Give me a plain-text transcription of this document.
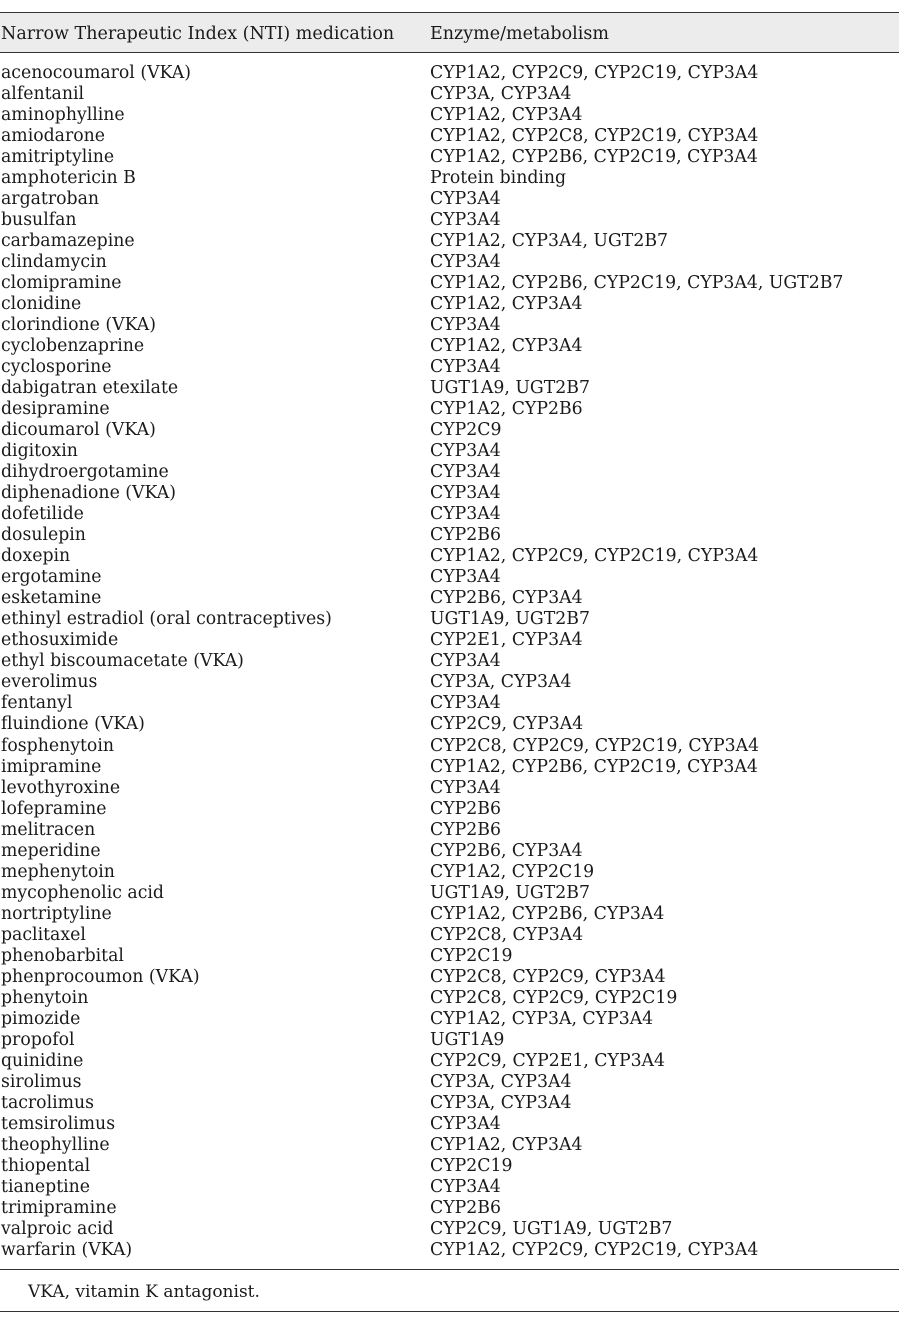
Narrow Therapeutic Index (NTI) medication Enzyme/metabolism
acenocoumarol (VKA)	CYP1A2, CYP2C9, CYP2C19, CYP3A4
alfentanil	CYP3A, CYP3A4
aminophylline	CYP1A2, CYP3A4
amiodarone	CYP1A2, CYP2C8, CYP2C19, CYP3A4
amitriptyline	CYP1A2, CYP2B6, CYP2C19, CYP3A4
amphotericin B	Protein binding
argatroban	CYP3A4
busulfan	CYP3A4
carbamazepine	CYP1A2, CYP3A4, UGT2B7
clindamycin	CYP3A4
clomipramine	CYP1A2, CYP2B6, CYP2C19, CYP3A4, UGT2B7
clonidine	CYP1A2, CYP3A4
clorindione (VKA)	CYP3A4
cyclobenzaprine	CYP1A2, CYP3A4
cyclosporine	CYP3A4
dabigatran etexilate	UGT1A9, UGT2B7
desipramine	CYP1A2, CYP2B6
dicoumarol (VKA)	CYP2C9
digitoxin	CYP3A4
dihydroergotamine	CYP3A4
diphenadione (VKA)	CYP3A4
dofetilide	CYP3A4
dosulepin	CYP2B6
doxepin	CYP1A2, CYP2C9, CYP2C19, CYP3A4
ergotamine	CYP3A4
esketamine	CYP2B6, CYP3A4
ethinyl estradiol (oral contraceptives)	UGT1A9, UGT2B7
ethosuximide	CYP2E1, CYP3A4
ethyl biscoumacetate (VKA)	CYP3A4
everolimus	CYP3A, CYP3A4
fentanyl	CYP3A4
fluindione (VKA)	CYP2C9, CYP3A4
fosphenytoin	CYP2C8, CYP2C9, CYP2C19, CYP3A4
imipramine	CYP1A2, CYP2B6, CYP2C19, CYP3A4
levothyroxine	CYP3A4
lofepramine	CYP2B6
melitracen	CYP2B6
meperidine	CYP2B6, CYP3A4
mephenytoin	CYP1A2, CYP2C19
mycophenolic acid	UGT1A9, UGT2B7
nortriptyline	CYP1A2, CYP2B6, CYP3A4
paclitaxel	CYP2C8, CYP3A4
phenobarbital	CYP2C19
phenprocoumon (VKA)	CYP2C8, CYP2C9, CYP3A4
phenytoin	CYP2C8, CYP2C9, CYP2C19
pimozide	CYP1A2, CYP3A, CYP3A4
propofol	UGT1A9
quinidine	CYP2C9, CYP2E1, CYP3A4
sirolimus	CYP3A, CYP3A4
tacrolimus	CYP3A, CYP3A4
temsirolimus	CYP3A4
theophylline	CYP1A2, CYP3A4
thiopental	CYP2C19
tianeptine	CYP3A4
trimipramine	CYP2B6
valproic acid	CYP2C9, UGT1A9, UGT2B7
warfarin (VKA)	CYP1A2, CYP2C9, CYP2C19, CYP3A4
VKA, vitamin K antagonist.
